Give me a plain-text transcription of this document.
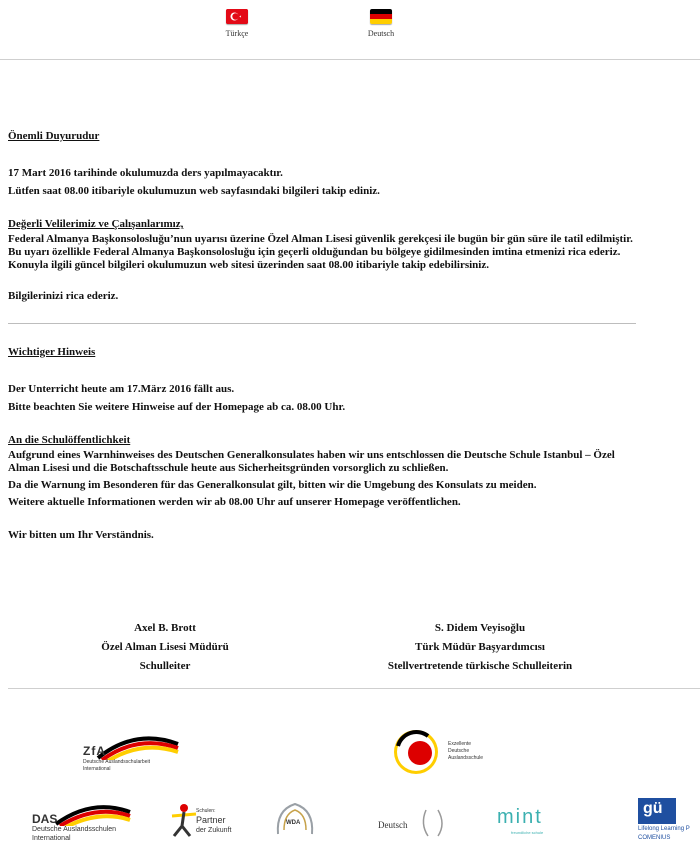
Türkçe	Deutsch

Önemli Duyurudur

17 Mart 2016 tarihinde okulumuzda ders yapılmayacaktır.

Lütfen saat 08.00 itibariyle okulumuzun web sayfasındaki bilgileri takip ediniz.

Değerli Velilerimiz ve Çalışanlarımız,

Federal Almanya Başkonsolosluğu’nun uyarısı üzerine Özel Alman Lisesi güvenlik gerekçesi ile bugün bir gün süre ile tatil edilmiştir. Bu uyarı özellikle Federal Almanya Başkonsolosluğu için geçerli olduğundan bu bölgeye gidilmesinden imtina etmenizi rica ederiz. Konuyla ilgili güncel bilgileri okulumuzun web sitesi üzerinden saat 08.00 itibariyle takip edebilirsiniz.

Bilgilerinizi rica ederiz.

Wichtiger Hinweis

Der Unterricht heute am 17.März 2016 fällt aus.

Bitte beachten Sie weitere Hinweise auf der Homepage ab ca. 08.00 Uhr.

An die Schulöffentlichkeit

Aufgrund eines Warnhinweises des Deutschen Generalkonsulates haben wir uns entschlossen die Deutsche Schule Istanbul – Özel Alman Lisesi und die Botschaftsschule heute aus Sicherheitsgründen vorsorglich zu schließen.

Da die Warnung im Besonderen für das Generalkonsulat gilt, bitten wir die Umgebung des Konsulats zu meiden.

Weitere aktuelle Informationen werden wir ab 08.00 Uhr auf unserer Homepage veröffentlichen.

Wir bitten um Ihr Verständnis.

Axel B. Brott
Özel Alman Lisesi Müdürü
Schulleiter
S. Didem Veyisoğlu
Türk Müdür Başyardımcısı
Stellvertretende türkische Schulleiterin
ZfA
Deutsche Auslandsschularbeit
International
Exzellente
Deutsche
Auslandsschule
DAS
Deutsche Auslandsschulen
International
Schulen:
Partner
der Zukunft
WDA	Deutsch	mint
freundliche schule
gü
Lifelong Learning P
COMENIUS
